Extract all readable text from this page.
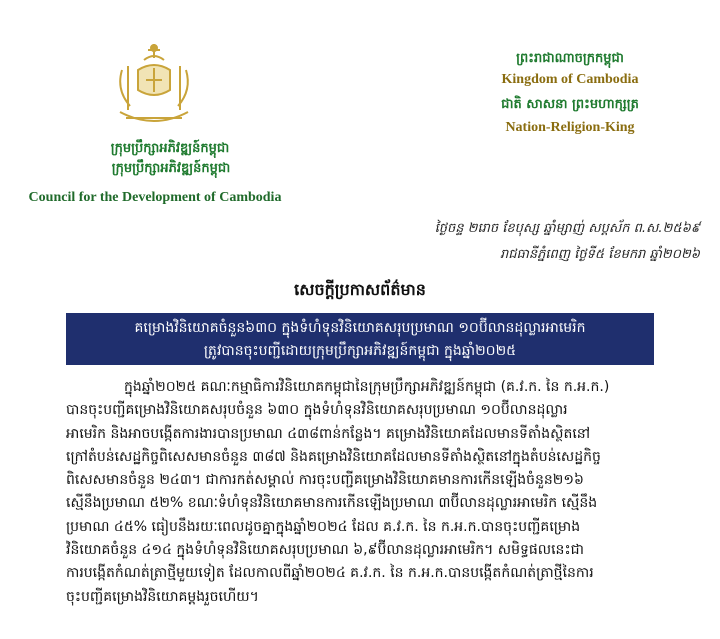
ក្រុមប្រឹក្សាអភិវឌ្ឍន៍កម្ពុជា
ក្រុមប្រឹក្សាអភិវឌ្ឍន៍កម្ពុជា
Council for the Development of Cambodia
ព្រះរាជាណាចក្រកម្ពុជា
Kingdom of Cambodia
ជាតិ សាសនា ព្រះមហាក្សត្រ
Nation-Religion-King
ថ្ងៃចន្ទ ២រោច ខែបុស្ស ឆ្នាំម្សាញ់ សប្តស័ក ព.ស.២៥៦៩
រាជធានីភ្នំពេញ ថ្ងៃទី៥ ខែមករា ឆ្នាំ២០២៦
សេចក្តីប្រកាសព័ត៌មាន
គម្រោងវិនិយោគចំនួន៦៣០ ក្នុងទំហំទុនវិនិយោគសរុបប្រមាណ ១០ប៊ីលានដុល្លារអាមេរិក
ត្រូវបានចុះបញ្ជីដោយក្រុមប្រឹក្សាអភិវឌ្ឍន៍កម្ពុជា ក្នុងឆ្នាំ២០២៥
ក្នុងឆ្នាំ២០២៥ គណៈកម្មាធិការវិនិយោគកម្ពុជានៃក្រុមប្រឹក្សាអភិវឌ្ឍន៍កម្ពុជា (គ.វ.ក. នៃ ក.អ.ក.)
បានចុះបញ្ជីគម្រោងវិនិយោគសរុបចំនួន ៦៣០ ក្នុងទំហំទុនវិនិយោគសរុបប្រមាណ ១០ប៊ីលានដុល្លារ
អាមេរិក និងអាចបង្កើតការងារបានប្រមាណ ៤៣៨ពាន់កន្លែង។ គម្រោងវិនិយោគដែលមានទីតាំងស្ថិតនៅ
ក្រៅតំបន់សេដ្ឋកិច្ចពិសេសមានចំនួន ៣៨៧ និងគម្រោងវិនិយោគដែលមានទីតាំងស្ថិតនៅក្នុងតំបន់សេដ្ឋកិច្ច
ពិសេសមានចំនួន ២៤៣។ ជាការកត់សម្គាល់ ការចុះបញ្ជីគម្រោងវិនិយោគមានការកើនឡើងចំនួន២១៦
ស្មើនឹងប្រមាណ ៥២% ខណៈទំហំទុនវិនិយោគមានការកើនឡើងប្រមាណ ៣ប៊ីលានដុល្លារអាមេរិក ស្មើនឹង
ប្រមាណ ៤៥% ធៀបនឹងរយៈពេលដូចគ្នាក្នុងឆ្នាំ២០២៤ ដែល គ.វ.ក. នៃ ក.អ.ក.បានចុះបញ្ជីគម្រោង
វិនិយោគចំនួន ៤១៤ ក្នុងទំហំទុនវិនិយោគសរុបប្រមាណ ៦,៩ប៊ីលានដុល្លារអាមេរិក។ សមិទ្ធផលនេះជា
ការបង្កើតកំណត់ត្រាថ្មីមួយទៀត ដែលកាលពីឆ្នាំ២០២៤ គ.វ.ក. នៃ ក.អ.ក.បានបង្កើតកំណត់ត្រាថ្មីនៃការ
ចុះបញ្ជីគម្រោងវិនិយោគម្តងរួចហើយ។
